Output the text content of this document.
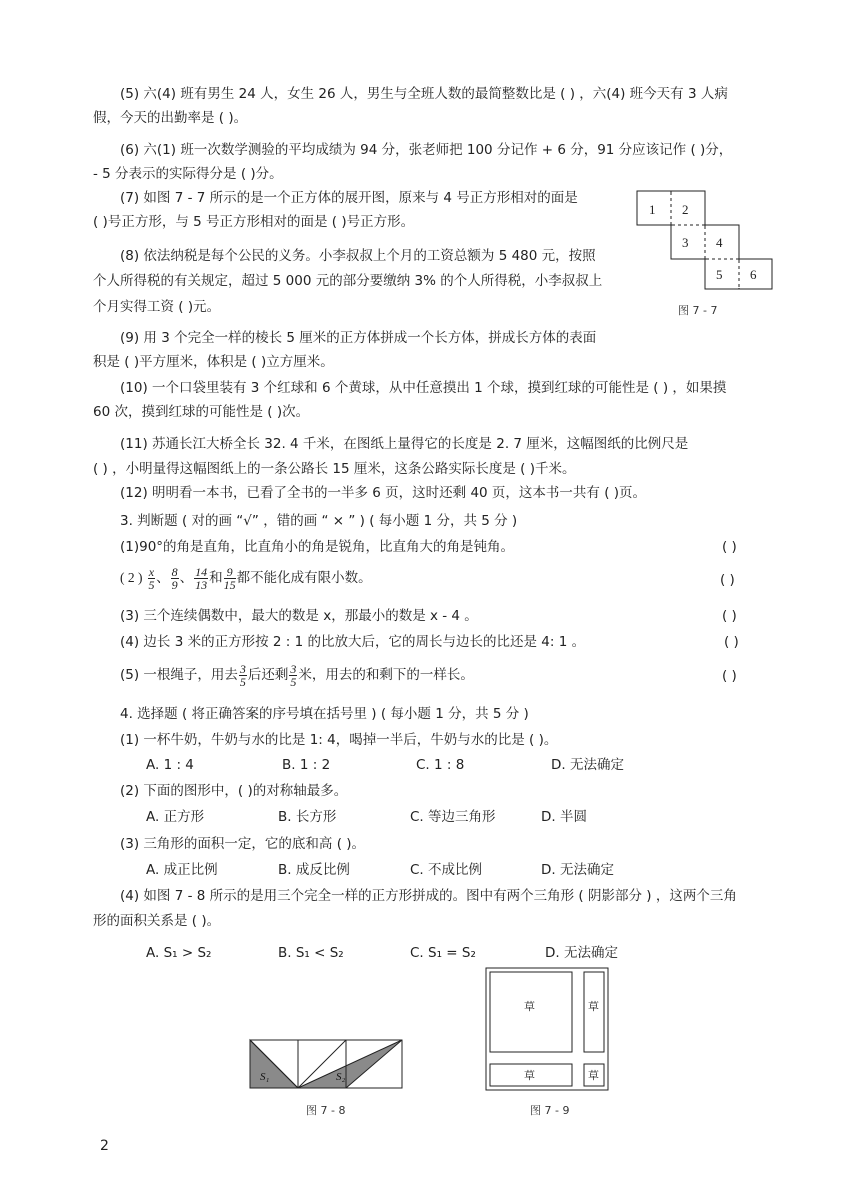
(5) 六(4) 班有男生 24 人，女生 26 人，男生与全班人数的最简整数比是 ( ) ，六(4) 班今天有 3 人病
假，今天的出勤率是 ( )。
(6) 六(1) 班一次数学测验的平均成绩为 94 分，张老师把 100 分记作 + 6 分，91 分应该记作 ( )分，
- 5 分表示的实际得分是 ( )分。
(7) 如图 7 - 7 所示的是一个正方体的展开图，原来与 4 号正方形相对的面是
( )号正方形，与 5 号正方形相对的面是 ( )号正方形。
(8) 依法纳税是每个公民的义务。小李叔叔上个月的工资总额为 5 480 元，按照
个人所得税的有关规定，超过 5 000 元的部分要缴纳 3% 的个人所得税，小李叔叔上
个月实得工资 ( )元。
(9) 用 3 个完全一样的棱长 5 厘米的正方体拼成一个长方体，拼成长方体的表面
积是 ( )平方厘米，体积是 ( )立方厘米。
(10) 一个口袋里装有 3 个红球和 6 个黄球，从中任意摸出 1 个球，摸到红球的可能性是 ( ) ，如果摸
60 次，摸到红球的可能性是 ( )次。
(11) 苏通长江大桥全长 32. 4 千米，在图纸上量得它的长度是 2. 7 厘米，这幅图纸的比例尺是
( ) ，小明量得这幅图纸上的一条公路长 15 厘米，这条公路实际长度是 ( )千米。
(12) 明明看一本书，已看了全书的一半多 6 页，这时还剩 40 页，这本书一共有 ( )页。
3. 判断题 ( 对的画 “√” ，错的画 “ × ” ) ( 每小题 1 分，共 5 分 )
(1)90°的角是直角，比直角小的角是锐角，比直角大的角是钝角。	( )
( 2 ) $\frac{x}{5}$ 、 $\frac{8}{9}$ 、 $\frac{14}{13}$ 和 $\frac{9}{15}$ 都不能化成有限小数。	( )
(3) 三个连续偶数中，最大的数是 x，那最小的数是 x - 4 。	( )
(4) 边长 3 米的正方形按 2 : 1 的比放大后，它的周长与边长的比还是 4: 1 。	( )
(5) 一根绳子，用去 $\frac{3}{5}$ 后还剩 $\frac{3}{5}$ 米，用去的和剩下的一样长。	( )
4. 选择题 ( 将正确答案的序号填在括号里 ) ( 每小题 1 分，共 5 分 )
(1) 一杯牛奶，牛奶与水的比是 1: 4，喝掉一半后，牛奶与水的比是 ( )。
A. 1 : 4	B. 1 : 2	C. 1 : 8	D. 无法确定
(2) 下面的图形中，( )的对称轴最多。
A. 正方形	B. 长方形	C. 等边三角形	D. 半圆
(3) 三角形的面积一定，它的底和高 ( )。
A. 成正比例	B. 成反比例	C. 不成比例	D. 无法确定
(4) 如图 7 - 8 所示的是用三个完全一样的正方形拼成的。图中有两个三角形 ( 阴影部分 ) ，这两个三角
形的面积关系是 ( )。
A. S₁ > S₂	B. S₁ < S₂	C. S₁ = S₂	D. 无法确定
1 2
3 4
5 6
图 7 - 7
S₁	S₂
图 7 - 8
草	草
草	草
图 7 - 9
2
